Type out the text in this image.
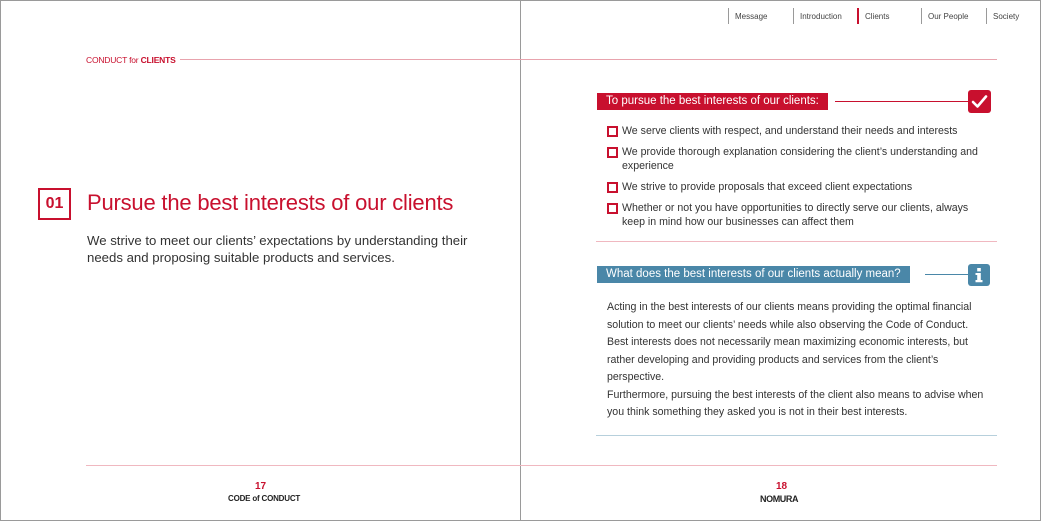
Message	Introduction	Clients	Our People	Society
CONDUCT for CLIENTS
01	Pursue the best interests of our clients
We strive to meet our clients’ expectations by understanding their needs and proposing suitable products and services.
To pursue the best interests of our clients:
We serve clients with respect, and understand their needs and interests
We provide thorough explanation considering the client’s understanding and experience
We strive to provide proposals that exceed client expectations
Whether or not you have opportunities to directly serve our clients, always keep in mind how our businesses can affect them
What does the best interests of our clients actually mean?

Acting in the best interests of our clients means providing the optimal financial solution to meet our clients’ needs while also observing the Code of Conduct. Best interests does not necessarily mean maximizing economic interests, but rather developing and providing products and services from the client’s perspective.

Furthermore, pursuing the best interests of the client also means to advise when you think something they asked you is not in their best interests.

17	18
CODE of CONDUCT	NOMURA
